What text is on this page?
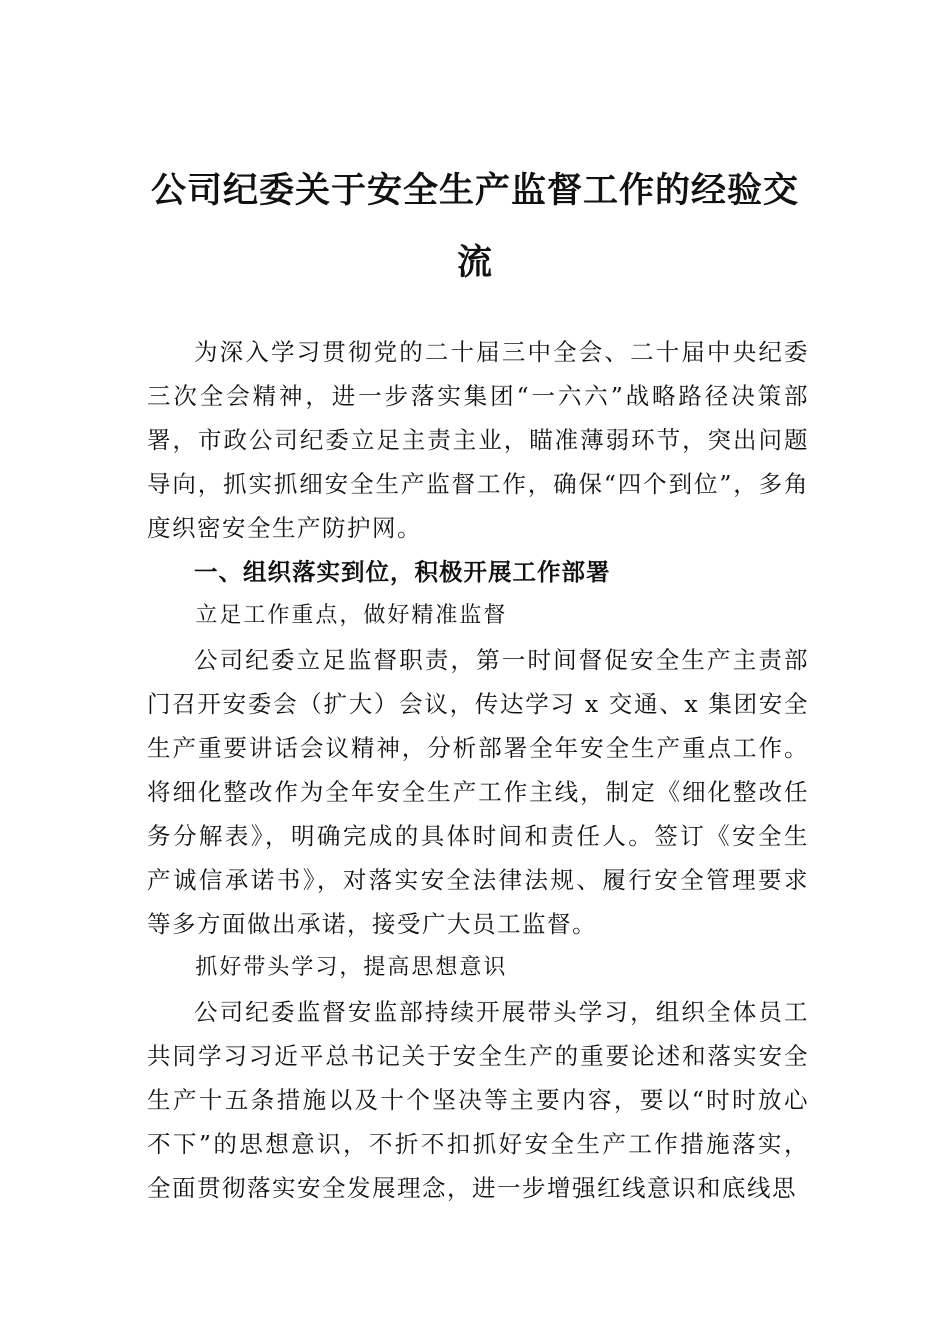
公司纪委关于安全生产监督工作的经验交流

为深入学习贯彻党的二十届三中全会、二十届中央纪委三次全会精神，进一步落实集团“一六六”战略路径决策部署，市政公司纪委立足主责主业，瞄准薄弱环节，突出问题导向，抓实抓细安全生产监督工作，确保“四个到位”，多角度织密安全生产防护网。

一、组织落实到位，积极开展工作部署

立足工作重点，做好精准监督

公司纪委立足监督职责，第一时间督促安全生产主责部门召开安委会（扩大）会议，传达学习 x 交通、x 集团安全生产重要讲话会议精神，分析部署全年安全生产重点工作。将细化整改作为全年安全生产工作主线，制定《细化整改任务分解表》，明确完成的具体时间和责任人。签订《安全生产诚信承诺书》，对落实安全法律法规、履行安全管理要求等多方面做出承诺，接受广大员工监督。

抓好带头学习，提高思想意识

公司纪委监督安监部持续开展带头学习，组织全体员工共同学习习近平总书记关于安全生产的重要论述和落实安全生产十五条措施以及十个坚决等主要内容，要以“时时放心不下”的思想意识，不折不扣抓好安全生产工作措施落实，全面贯彻落实安全发展理念，进一步增强红线意识和底线思
